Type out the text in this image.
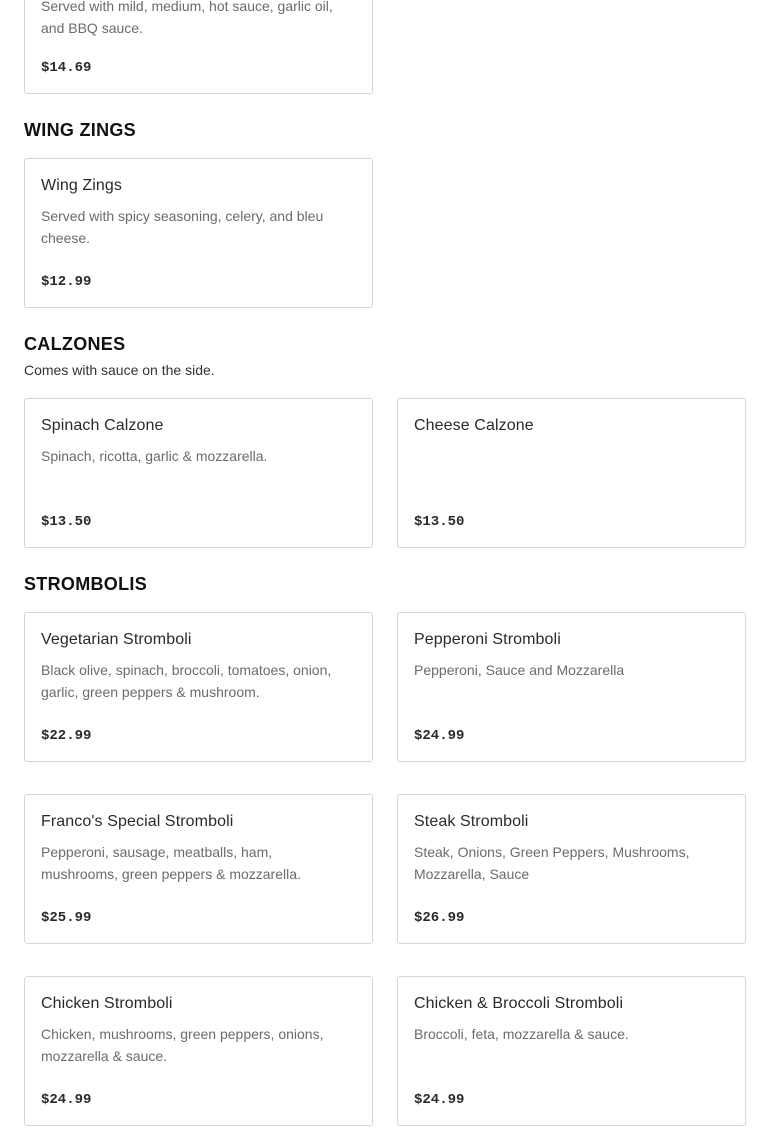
Served with mild, medium, hot sauce, garlic oil, and BBQ sauce.
$14.69
WING ZINGS
Wing Zings
Served with spicy seasoning, celery, and bleu cheese.
$12.99
CALZONES
Comes with sauce on the side.
Spinach Calzone
Spinach, ricotta, garlic & mozzarella.
$13.50
Cheese Calzone
$13.50
STROMBOLIS
Vegetarian Stromboli
Black olive, spinach, broccoli, tomatoes, onion, garlic, green peppers & mushroom.
$22.99
Pepperoni Stromboli
Pepperoni, Sauce and Mozzarella
$24.99
Franco's Special Stromboli
Pepperoni, sausage, meatballs, ham, mushrooms, green peppers & mozzarella.
$25.99
Steak Stromboli
Steak, Onions, Green Peppers, Mushrooms, Mozzarella, Sauce
$26.99
Chicken Stromboli
Chicken, mushrooms, green peppers, onions, mozzarella & sauce.
$24.99
Chicken & Broccoli Stromboli
Broccoli, feta, mozzarella & sauce.
$24.99
